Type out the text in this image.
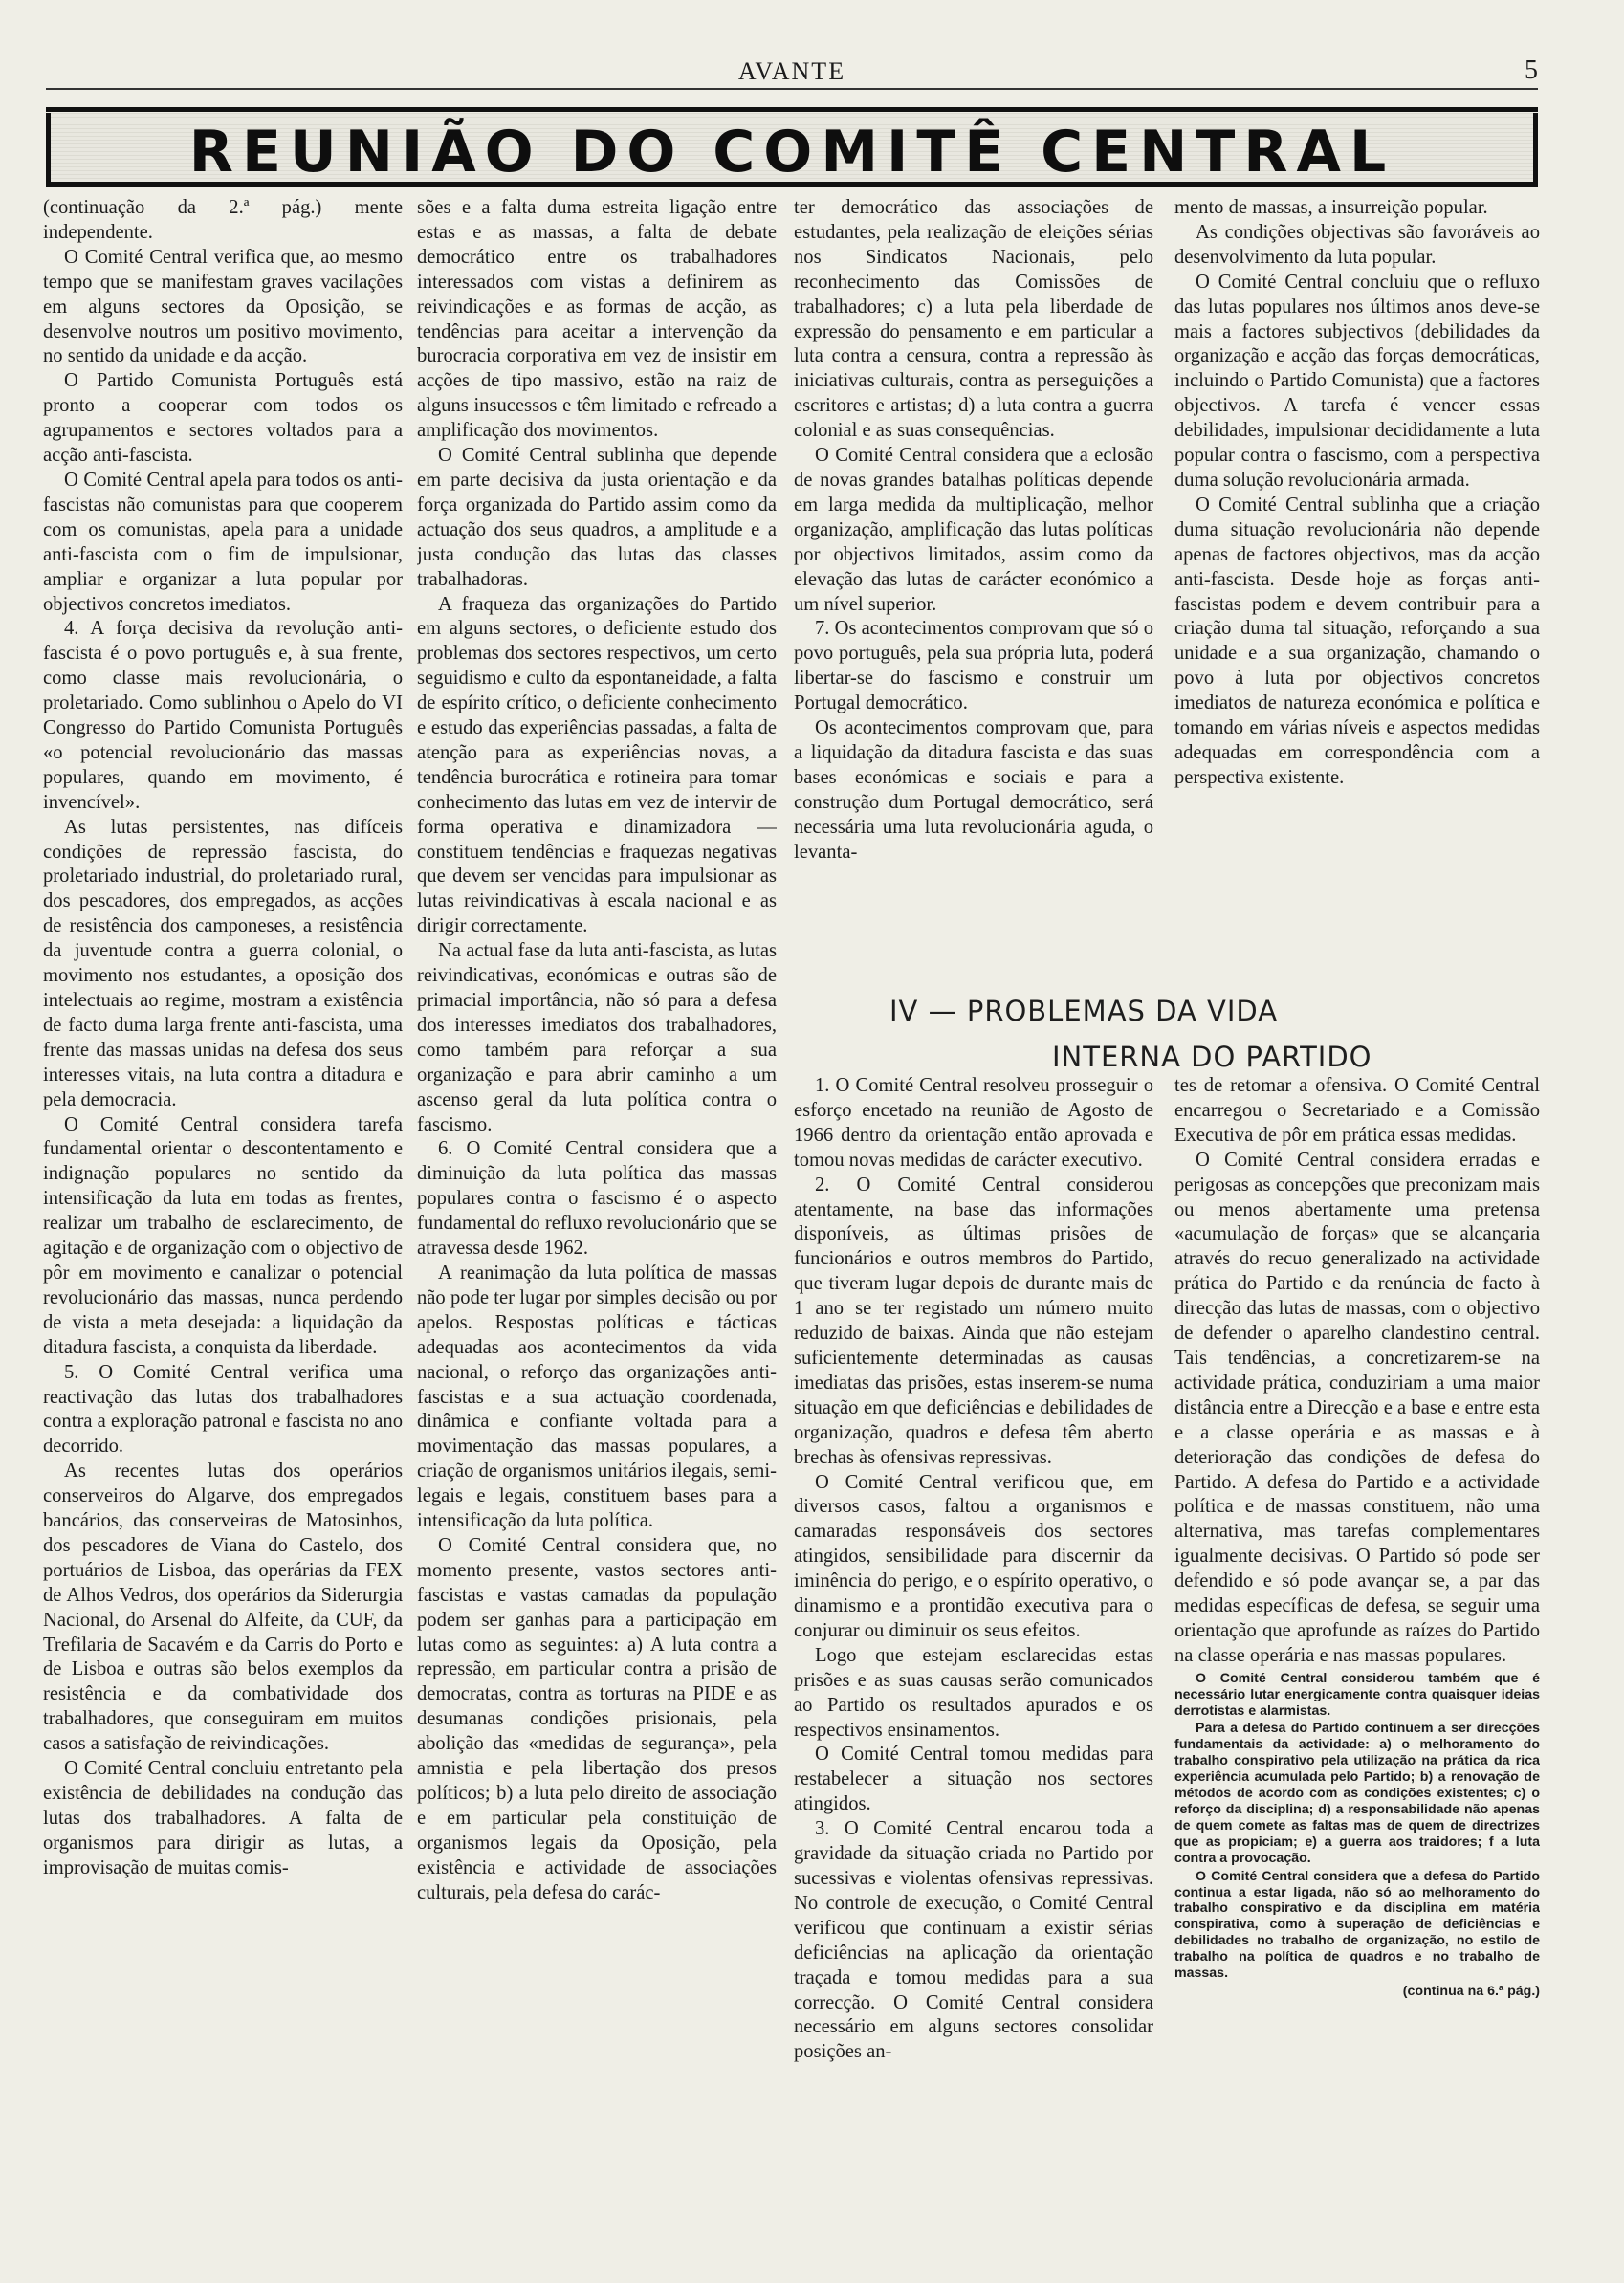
AVANTE	5
REUNIÃO DO COMITÊ CENTRAL

(continuação da 2.ª pág.) mente independente.

O Comité Central verifica que, ao mesmo tempo que se manifestam graves vacilações em alguns sectores da Oposição, se desenvolve noutros um positivo movimento, no sentido da unidade e da acção.

O Partido Comunista Português está pronto a cooperar com todos os agrupamentos e sectores voltados para a acção anti-fascista.

O Comité Central apela para todos os anti-fascistas não comunistas para que cooperem com os comunistas, apela para a unidade anti-fascista com o fim de impulsionar, ampliar e organizar a luta popular por objectivos concretos imediatos.

4. A força decisiva da revolução anti-fascista é o povo português e, à sua frente, como classe mais revolucionária, o proletariado. Como sublinhou o Apelo do VI Congresso do Partido Comunista Português «o potencial revolucionário das massas populares, quando em movimento, é invencível».

As lutas persistentes, nas difíceis condições de repressão fascista, do proletariado industrial, do proletariado rural, dos pescadores, dos empregados, as acções de resistência dos camponeses, a resistência da juventude contra a guerra colonial, o movimento nos estudantes, a oposição dos intelectuais ao regime, mostram a existência de facto duma larga frente anti-fascista, uma frente das massas unidas na defesa dos seus interesses vitais, na luta contra a ditadura e pela democracia.

O Comité Central considera tarefa fundamental orientar o descontentamento e indignação populares no sentido da intensificação da luta em todas as frentes, realizar um trabalho de esclarecimento, de agitação e de organização com o objectivo de pôr em movimento e canalizar o potencial revolucionário das massas, nunca perdendo de vista a meta desejada: a liquidação da ditadura fascista, a conquista da liberdade.

5. O Comité Central verifica uma reactivação das lutas dos trabalhadores contra a exploração patronal e fascista no ano decorrido.

As recentes lutas dos operários conserveiros do Algarve, dos empregados bancários, das conserveiras de Matosinhos, dos pescadores de Viana do Castelo, dos portuários de Lisboa, das operárias da FEX de Alhos Vedros, dos operários da Siderurgia Nacional, do Arsenal do Alfeite, da CUF, da Trefilaria de Sacavém e da Carris do Porto e de Lisboa e outras são belos exemplos da resistência e da combatividade dos trabalhadores, que conseguiram em muitos casos a satisfação de reivindicações.

O Comité Central concluiu entretanto pela existência de debilidades na condução das lutas dos trabalhadores. A falta de organismos para dirigir as lutas, a improvisação de muitas comis-

sões e a falta duma estreita ligação entre estas e as massas, a falta de debate democrático entre os trabalhadores interessados com vistas a definirem as reivindicações e as formas de acção, as tendências para aceitar a intervenção da burocracia corporativa em vez de insistir em acções de tipo massivo, estão na raiz de alguns insucessos e têm limitado e refreado a amplificação dos movimentos.

O Comité Central sublinha que depende em parte decisiva da justa orientação e da força organizada do Partido assim como da actuação dos seus quadros, a amplitude e a justa condução das lutas das classes trabalhadoras.

A fraqueza das organizações do Partido em alguns sectores, o deficiente estudo dos problemas dos sectores respectivos, um certo seguidismo e culto da espontaneidade, a falta de espírito crítico, o deficiente conhecimento e estudo das experiências passadas, a falta de atenção para as experiências novas, a tendência burocrática e rotineira para tomar conhecimento das lutas em vez de intervir de forma operativa e dinamizadora — constituem tendências e fraquezas negativas que devem ser vencidas para impulsionar as lutas reivindicativas à escala nacional e as dirigir correctamente.

Na actual fase da luta anti-fascista, as lutas reivindicativas, económicas e outras são de primacial importância, não só para a defesa dos interesses imediatos dos trabalhadores, como também para reforçar a sua organização e para abrir caminho a um ascenso geral da luta política contra o fascismo.

6. O Comité Central considera que a diminuição da luta política das massas populares contra o fascismo é o aspecto fundamental do refluxo revolucionário que se atravessa desde 1962.

A reanimação da luta política de massas não pode ter lugar por simples decisão ou por apelos. Respostas políticas e tácticas adequadas aos acontecimentos da vida nacional, o reforço das organizações anti-fascistas e a sua actuação coordenada, dinâmica e confiante voltada para a movimentação das massas populares, a criação de organismos unitários ilegais, semi-legais e legais, constituem bases para a intensificação da luta política.

O Comité Central considera que, no momento presente, vastos sectores anti-fascistas e vastas camadas da população podem ser ganhas para a participação em lutas como as seguintes: a) A luta contra a repressão, em particular contra a prisão de democratas, contra as torturas na PIDE e as desumanas condições prisionais, pela abolição das «medidas de segurança», pela amnistia e pela libertação dos presos políticos; b) a luta pelo direito de associação e em particular pela constituição de organismos legais da Oposição, pela existência e actividade de associações culturais, pela defesa do carác-

ter democrático das associações de estudantes, pela realização de eleições sérias nos Sindicatos Nacionais, pelo reconhecimento das Comissões de trabalhadores; c) a luta pela liberdade de expressão do pensamento e em particular a luta contra a censura, contra a repressão às iniciativas culturais, contra as perseguições a escritores e artistas; d) a luta contra a guerra colonial e as suas consequências.

O Comité Central considera que a eclosão de novas grandes batalhas políticas depende em larga medida da multiplicação, melhor organização, amplificação das lutas políticas por objectivos limitados, assim como da elevação das lutas de carácter económico a um nível superior.

7. Os acontecimentos comprovam que só o povo português, pela sua própria luta, poderá libertar-se do fascismo e construir um Portugal democrático.

Os acontecimentos comprovam que, para a liquidação da ditadura fascista e das suas bases económicas e sociais e para a construção dum Portugal democrático, será necessária uma luta revolucionária aguda, o levanta-

mento de massas, a insurreição popular.

As condições objectivas são favoráveis ao desenvolvimento da luta popular.

O Comité Central concluiu que o refluxo das lutas populares nos últimos anos deve-se mais a factores subjectivos (debilidades da organização e acção das forças democráticas, incluindo o Partido Comunista) que a factores objectivos. A tarefa é vencer essas debilidades, impulsionar decididamente a luta popular contra o fascismo, com a perspectiva duma solução revolucionária armada.

O Comité Central sublinha que a criação duma situação revolucionária não depende apenas de factores objectivos, mas da acção anti-fascista. Desde hoje as forças anti-fascistas podem e devem contribuir para a criação duma tal situação, reforçando a sua unidade e a sua organização, chamando o povo à luta por objectivos concretos imediatos de natureza económica e política e tomando em várias níveis e aspectos medidas adequadas em correspondência com a perspectiva existente.

IV — PROBLEMAS DA VIDA
INTERNA DO PARTIDO

1. O Comité Central resolveu prosseguir o esforço encetado na reunião de Agosto de 1966 dentro da orientação então aprovada e tomou novas medidas de carácter executivo.

2. O Comité Central considerou atentamente, na base das informações disponíveis, as últimas prisões de funcionários e outros membros do Partido, que tiveram lugar depois de durante mais de 1 ano se ter registado um número muito reduzido de baixas. Ainda que não estejam suficientemente determinadas as causas imediatas das prisões, estas inserem-se numa situação em que deficiências e debilidades de organização, quadros e defesa têm aberto brechas às ofensivas repressivas.

O Comité Central verificou que, em diversos casos, faltou a organismos e camaradas responsáveis dos sectores atingidos, sensibilidade para discernir da iminência do perigo, e o espírito operativo, o dinamismo e a prontidão executiva para o conjurar ou diminuir os seus efeitos.

Logo que estejam esclarecidas estas prisões e as suas causas serão comunicados ao Partido os resultados apurados e os respectivos ensinamentos.

O Comité Central tomou medidas para restabelecer a situação nos sectores atingidos.

3. O Comité Central encarou toda a gravidade da situação criada no Partido por sucessivas e violentas ofensivas repressivas. No controle de execução, o Comité Central verificou que continuam a existir sérias deficiências na aplicação da orientação traçada e tomou medidas para a sua correcção. O Comité Central considera necessário em alguns sectores consolidar posições an-

tes de retomar a ofensiva. O Comité Central encarregou o Secretariado e a Comissão Executiva de pôr em prática essas medidas.

O Comité Central considera erradas e perigosas as concepções que preconizam mais ou menos abertamente uma pretensa «acumulação de forças» que se alcançaria através do recuo generalizado na actividade prática do Partido e da renúncia de facto à direcção das lutas de massas, com o objectivo de defender o aparelho clandestino central. Tais tendências, a concretizarem-se na actividade prática, conduziriam a uma maior distância entre a Direcção e a base e entre esta e a classe operária e as massas e à deterioração das condições de defesa do Partido. A defesa do Partido e a actividade política e de massas constituem, não uma alternativa, mas tarefas complementares igualmente decisivas. O Partido só pode ser defendido e só pode avançar se, a par das medidas específicas de defesa, se seguir uma orientação que aprofunde as raízes do Partido na classe operária e nas massas populares.

O Comité Central considerou também que é necessário lutar energicamente contra quaisquer ideias derrotistas e alarmistas.

Para a defesa do Partido continuem a ser direcções fundamentais da actividade: a) o melhoramento do trabalho conspirativo pela utilização na prática da rica experiência acumulada pelo Partido; b) a renovação de métodos de acordo com as condições existentes; c) o reforço da disciplina; d) a responsabilidade não apenas de quem comete as faltas mas de quem de directrizes que as propiciam; e) a guerra aos traidores; f a luta contra a provocação.

O Comité Central considera que a defesa do Partido continua a estar ligada, não só ao melhoramento do trabalho conspirativo e da disciplina em matéria conspirativa, como à superação de deficiências e debilidades no trabalho de organização, no estilo de trabalho na política de quadros e no trabalho de massas.

(continua na 6.ª pág.)
